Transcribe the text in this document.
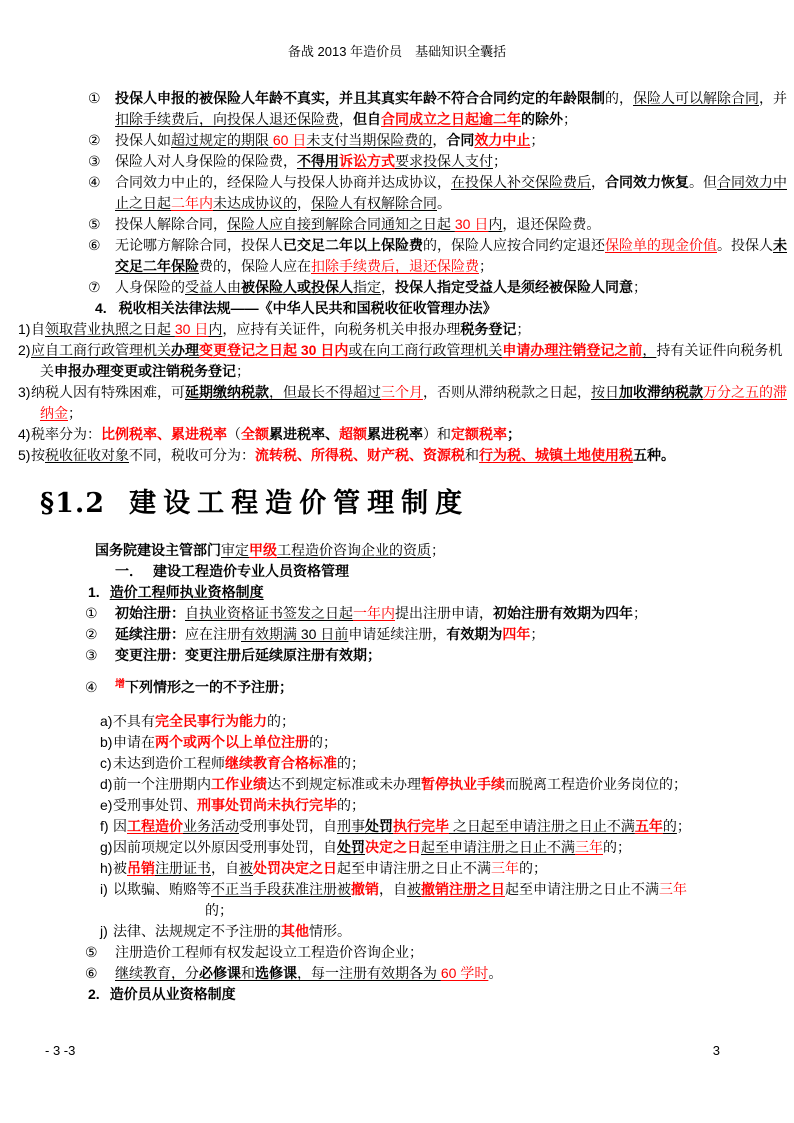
备战 2013 年造价员　基础知识全囊括
① 投保人申报的被保险人年龄不真实，并且其真实年龄不符合合同约定的年龄限制的，保险人可以解除合同，并扣除手续费后，向投保人退还保险费，但自合同成立之日起逾二年的除外；
② 投保人如超过规定的期限 60 日未支付当期保险费的，合同效力中止；
③ 保险人对人身保险的保险费，不得用诉讼方式要求投保人支付；
④ 合同效力中止的，经保险人与投保人协商并达成协议，在投保人补交保险费后，合同效力恢复。但合同效力中止之日起二年内未达成协议的，保险人有权解除合同。
⑤ 投保人解除合同，保险人应自接到解除合同通知之日起 30 日内，退还保险费。
⑥ 无论哪方解除合同，投保人已交足二年以上保险费的，保险人应按合同约定退还保险单的现金价值。投保人未交足二年保险费的，保险人应在扣除手续费后，退还保险费；
⑦ 人身保险的受益人由被保险人或投保人指定，投保人指定受益人是须经被保险人同意；
4. 税收相关法律法规——《中华人民共和国税收征收管理办法》
1)自领取营业执照之日起 30 日内，应持有关证件，向税务机关申报办理税务登记；
2)应自工商行政管理机关办理变更登记之日起 30 日内或在向工商行政管理机关申请办理注销登记之前，持有关证件向税务机关申报办理变更或注销税务登记；
3)纳税人因有特殊困难，可延期缴纳税款，但最长不得超过三个月，否则从滞纳税款之日起，按日加收滞纳税款万分之五的滞纳金；
4)税率分为：比例税率、累进税率（全额累进税率、超额累进税率）和定额税率；
5)按税收征收对象不同，税收可分为：流转税、所得税、财产税、资源税和行为税、城镇土地使用税五种。
§1.2 建设工程造价管理制度
国务院建设主管部门审定甲级工程造价咨询企业的资质；
一． 建设工程造价专业人员资格管理
1. 造价工程师执业资格制度
① 初始注册：自执业资格证书签发之日起一年内提出注册申请，初始注册有效期为四年；
② 延续注册：应在注册有效期满 30 日前申请延续注册，有效期为四年；
③ 变更注册：变更注册后延续原注册有效期；
④ $^增$下列情形之一的不予注册；
a)不具有完全民事行为能力的；
b)申请在两个或两个以上单位注册的；
c)未达到造价工程师继续教育合格标准的；
d)前一个注册期内工作业绩达不到规定标准或未办理暂停执业手续而脱离工程造价业务岗位的；
e)受刑事处罚、刑事处罚尚未执行完毕的；
f) 因工程造价业务活动受刑事处罚，自刑事处罚执行完毕 之日起至申请注册之日止不满五年的；
g)因前项规定以外原因受刑事处罚，自处罚决定之日起至申请注册之日止不满三年的；
h)被吊销注册证书，自被处罚决定之日起至申请注册之日止不满三年的；
i) 以欺骗、贿赂等不正当手段获准注册被撤销，自被撤销注册之日起至申请注册之日止不满三年
的；
j) 法律、法规规定不予注册的其他情形。
⑤ 注册造价工程师有权发起设立工程造价咨询企业；
⑥ 继续教育，分必修课和选修课，每一注册有效期各为 60 学时。
2. 造价员从业资格制度
- 3 -3	3
